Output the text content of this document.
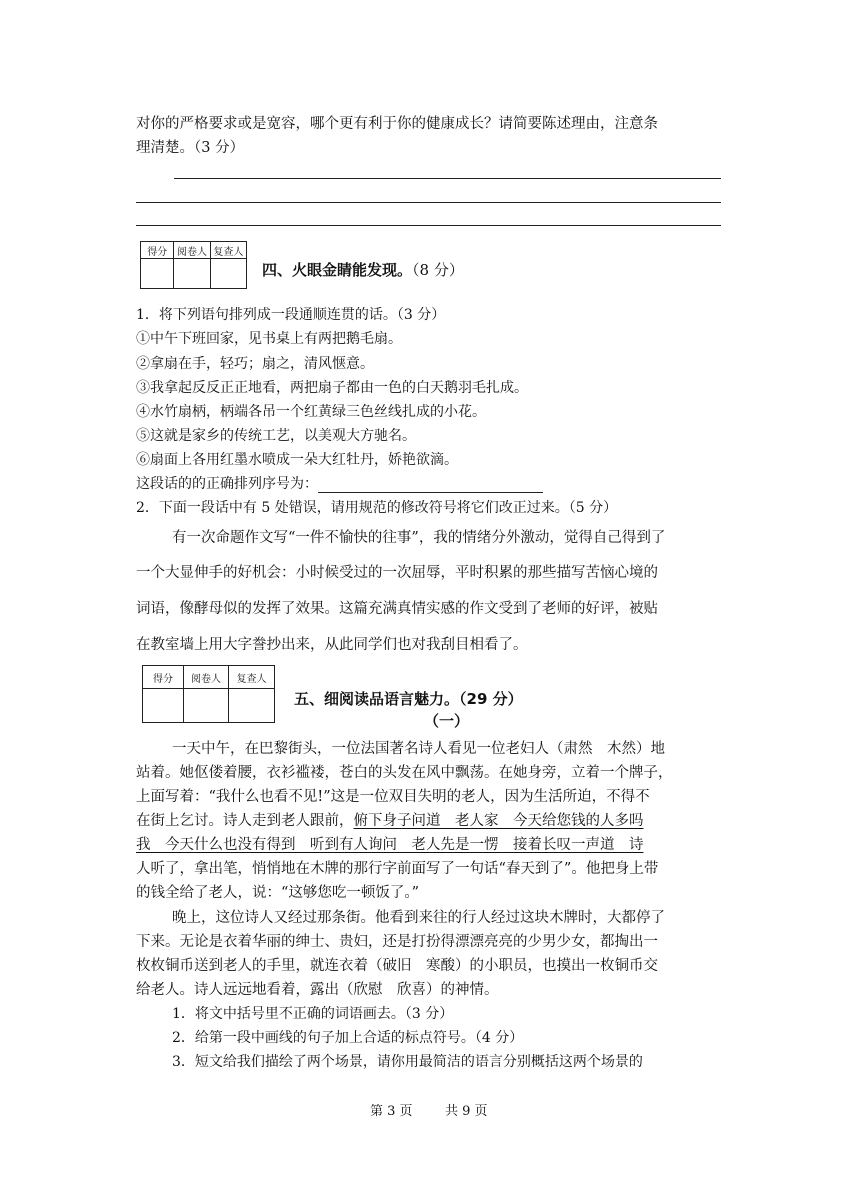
对你的严格要求或是宽容，哪个更有利于你的健康成长？请简要陈述理由，注意条
理清楚。（3 分）
得分	阅卷人	复查人

四、火眼金睛能发现。（8 分）
1．将下列语句排列成一段通顺连贯的话。（3 分）
①中午下班回家，见书桌上有两把鹅毛扇。
②拿扇在手，轻巧；扇之，清风惬意。
③我拿起反反正正地看，两把扇子都由一色的白天鹅羽毛扎成。
④水竹扇柄，柄端各吊一个红黄绿三色丝线扎成的小花。
⑤这就是家乡的传统工艺，以美观大方驰名。
⑥扇面上各用红墨水喷成一朵大红牡丹，娇艳欲滴。
这段话的的正确排列序号为：
2．下面一段话中有 5 处错误，请用规范的修改符号将它们改正过来。（5 分）
有一次命题作文写“一件不愉快的往事”，我的情绪分外激动，觉得自己得到了
一个大显伸手的好机会：小时候受过的一次屈辱，平时积累的那些描写苦恼心境的
词语，像酵母似的发挥了效果。这篇充满真情实感的作文受到了老师的好评，被贴
在教室墙上用大字誊抄出来，从此同学们也对我刮目相看了。
得分	阅卷人	复查人

五、细阅读品语言魅力。（29 分）
（一）
一天中午，在巴黎街头，一位法国著名诗人看见一位老妇人（肃然　木然）地
站着。她伛偻着腰，衣衫褴褛，苍白的头发在风中飘荡。在她身旁，立着一个牌子，
上面写着：“我什么也看不见!”这是一位双目失明的老人，因为生活所迫，不得不
在街上乞讨。诗人走到老人跟前，俯下身子问道　老人家　今天给您钱的人多吗
我　今天什么也没有得到　听到有人询问　老人先是一愣　接着长叹一声道　诗
人听了，拿出笔，悄悄地在木牌的那行字前面写了一句话“春天到了”。他把身上带
的钱全给了老人，说：“这够您吃一顿饭了。”
晚上，这位诗人又经过那条街。他看到来往的行人经过这块木牌时，大都停了
下来。无论是衣着华丽的绅士、贵妇，还是打扮得漂漂亮亮的少男少女，都掏出一
枚枚铜币送到老人的手里，就连衣着（破旧　寒酸）的小职员，也摸出一枚铜币交
给老人。诗人远远地看着，露出（欣慰　欣喜）的神情。
1．将文中括号里不正确的词语画去。（3 分）
2．给第一段中画线的句子加上合适的标点符号。（4 分）
3．短文给我们描绘了两个场景，请你用最简洁的语言分别概括这两个场景的
第 3 页 共 9 页
